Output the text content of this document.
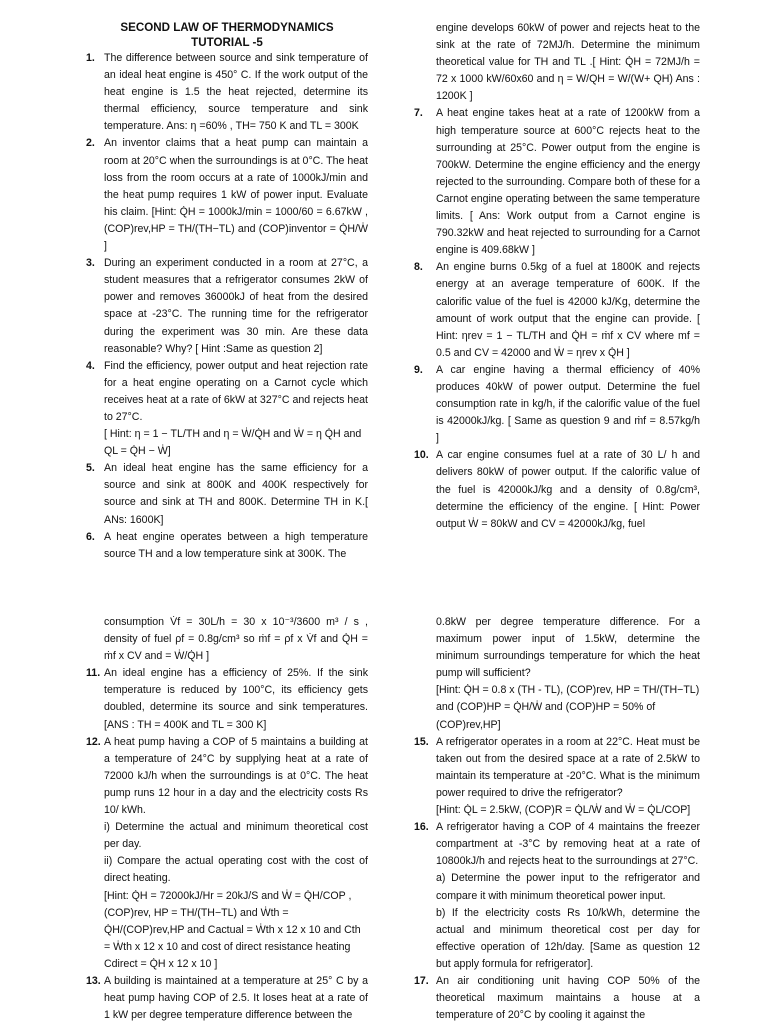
SECOND LAW OF THERMODYNAMICS
TUTORIAL -5
1. The difference between source and sink temperature of an ideal heat engine is 450° C. If the work output of the heat engine is 1.5 the heat rejected, determine its thermal efficiency, source temperature and sink temperature. Ans: η =60% , TH= 750 K and TL = 300K

2. An inventor claims that a heat pump can maintain a room at 20°C when the surroundings is at 0°C. The heat loss from the room occurs at a rate of 1000kJ/min and the heat pump requires 1 kW of power input. Evaluate his claim. [Hint: Q̇H = 1000kJ/min = 1000/60 = 6.67kW , (COP)rev,HP = TH/(TH−TL) and (COP)inventor = Q̇H/Ẇ ]

3. During an experiment conducted in a room at 27°C, a student measures that a refrigerator consumes 2kW of power and removes 36000kJ of heat from the desired space at -23°C. The running time for the refrigerator during the experiment was 30 min. Are these data reasonable? Why? [ Hint :Same as question 2]

4. Find the efficiency, power output and heat rejection rate for a heat engine operating on a Carnot cycle which receives heat at a rate of 6kW at 327°C and rejects heat to 27°C.

[ Hint: η = 1 − TL/TH and η = Ẇ/Q̇H and Ẇ = η Q̇H and QL = Q̇H − Ẇ]

5. An ideal heat engine has the same efficiency for a source and sink at 800K and 400K respectively for source and sink at TH and 800K. Determine TH in K.[ ANs: 1600K]

6. A heat engine operates between a high temperature source TH and a low temperature sink at 300K. The

engine develops 60kW of power and rejects heat to the sink at the rate of 72MJ/h. Determine the minimum theoretical value for TH and TL .[ Hint: Q̇H = 72MJ/h = 72 x 1000 kW/60x60 and η = W/QH = W/(W+ QH) Ans : 1200K ]

7. A heat engine takes heat at a rate of 1200kW from a high temperature source at 600°C rejects heat to the surrounding at 25°C. Power output from the engine is 700kW. Determine the engine efficiency and the energy rejected to the surrounding. Compare both of these for a Carnot engine operating between the same temperature limits. [ Ans: Work output from a Carnot engine is 790.32kW and heat rejected to surrounding for a Carnot engine is 409.68kW ]

8. An engine burns 0.5kg of a fuel at 1800K and rejects energy at an average temperature of 600K. If the calorific value of the fuel is 42000 kJ/Kg, determine the amount of work output that the engine can provide. [ Hint: ηrev = 1 − TL/TH and Q̇H = ṁf x CV where mf = 0.5 and CV = 42000 and Ẇ = ηrev x Q̇H ]

9. A car engine having a thermal efficiency of 40% produces 40kW of power output. Determine the fuel consumption rate in kg/h, if the calorific value of the fuel is 42000kJ/kg. [ Same as question 9 and ṁf = 8.57kg/h ]

10. A car engine consumes fuel at a rate of 30 L/ h and delivers 80kW of power output. If the calorific value of the fuel is 42000kJ/kg and a density of 0.8g/cm³, determine the efficiency of the engine. [ Hint: Power output Ẇ = 80kW and CV = 42000kJ/kg, fuel

consumption V̇f = 30L/h = 30 x 10⁻³/3600 m³ / s , density of fuel ρf = 0.8g/cm³ so ṁf = ρf x V̇f and Q̇H = ṁf x CV and = Ẇ/Q̇H ]

11. An ideal engine has a efficiency of 25%. If the sink temperature is reduced by 100°C, its efficiency gets doubled, determine its source and sink temperatures. [ANS : TH = 400K and TL = 300 K]

12. A heat pump having a COP of 5 maintains a building at a temperature of 24°C by supplying heat at a rate of 72000 kJ/h when the surroundings is at 0°C. The heat pump runs 12 hour in a day and the electricity costs Rs 10/ kWh.

i) Determine the actual and minimum theoretical cost per day.

ii) Compare the actual operating cost with the cost of direct heating.

[Hint: Q̇H = 72000kJ/Hr = 20kJ/S and Ẇ = Q̇H/COP , (COP)rev, HP = TH/(TH−TL) and Ẇth = Q̇H/(COP)rev,HP and Cactual = Ẇth x 12 x 10 and Cth = Ẇth x 12 x 10 and cost of direct resistance heating Cdirect = Q̇H x 12 x 10 ]

13. A building is maintained at a temperature at 25° C by a heat pump having COP of 2.5. It loses heat at a rate of 1 kW per degree temperature difference between the

0.8kW per degree temperature difference. For a maximum power input of 1.5kW, determine the minimum surroundings temperature for which the heat pump will sufficient?

[Hint: Q̇H = 0.8 x (TH - TL), (COP)rev, HP = TH/(TH−TL) and (COP)HP = Q̇H/Ẇ and (COP)HP = 50% of (COP)rev,HP]

15. A refrigerator operates in a room at 22°C. Heat must be taken out from the desired space at a rate of 2.5kW to maintain its temperature at -20°C. What is the minimum power required to drive the refrigerator?

[Hint: Q̇L = 2.5kW, (COP)R = Q̇L/Ẇ and Ẇ = Q̇L/COP]

16. A refrigerator having a COP of 4 maintains the freezer compartment at -3°C by removing heat at a rate of 10800kJ/h and rejects heat to the surroundings at 27°C.

a) Determine the power input to the refrigerator and compare it with minimum theoretical power input.

b) If the electricity costs Rs 10/kWh, determine the actual and minimum theoretical cost per day for effective operation of 12h/day. [Same as question 12 but apply formula for refrigerator].

17. An air conditioning unit having COP 50% of the theoretical maximum maintains a house at a temperature of 20°C by cooling it against the
